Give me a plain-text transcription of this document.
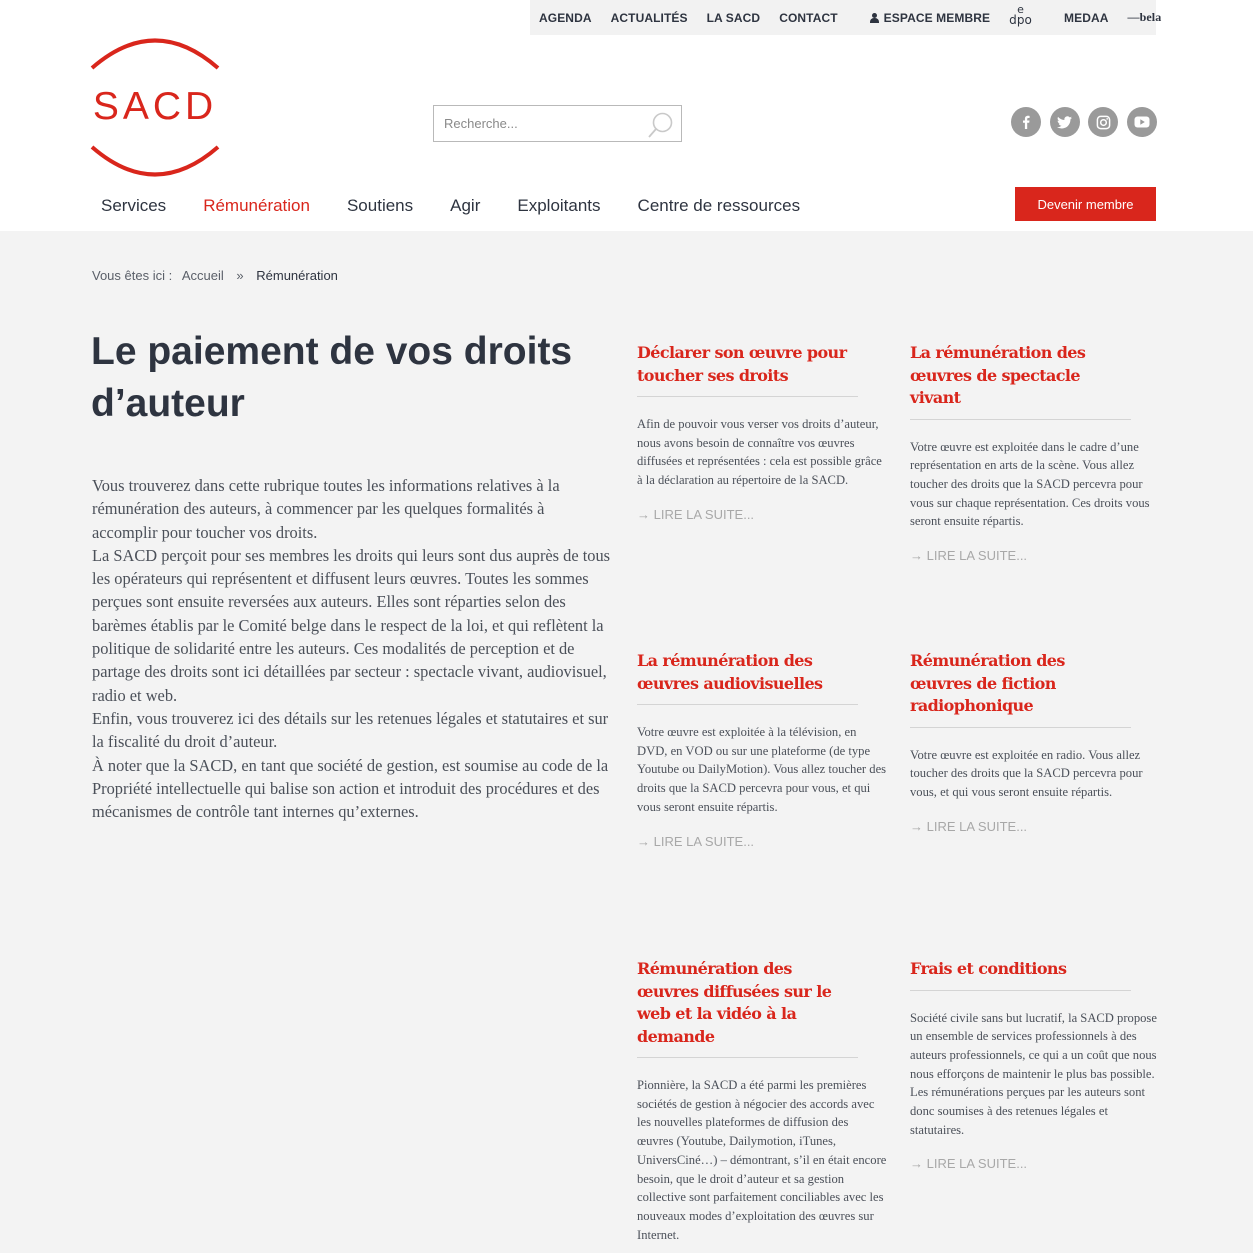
AGENDA ACTUALITÉS LA SACD CONTACT	ESPACE MEMBRE
e
dpo	MEDAA —bela
SACD
Recherche...
Services Rémunération Soutiens Agir Exploitants Centre de ressources	Devenir membre
Vous êtes ici : Accueil » Rémunération
Le paiement de vos droits d’auteur

Vous trouverez dans cette rubrique toutes les informations relatives à la rémunération des auteurs, à commencer par les quelques formalités à accomplir pour toucher vos droits.

La SACD perçoit pour ses membres les droits qui leurs sont dus auprès de tous les opérateurs qui représentent et diffusent leurs œuvres. Toutes les sommes perçues sont ensuite reversées aux auteurs. Elles sont réparties selon des barèmes établis par le Comité belge dans le respect de la loi, et qui reflètent la politique de solidarité entre les auteurs. Ces modalités de perception et de partage des droits sont ici détaillées par secteur : spectacle vivant, audiovisuel, radio et web.

Enfin, vous trouverez ici des détails sur les retenues légales et statutaires et sur la fiscalité du droit d’auteur.

À noter que la SACD, en tant que société de gestion, est soumise au code de la Propriété intellectuelle qui balise son action et introduit des procédures et des mécanismes de contrôle tant internes qu’externes.

Déclarer son œuvre pour toucher ses droits

Afin de pouvoir vous verser vos droits d’auteur, nous avons besoin de connaître vos œuvres diffusées et représentées : cela est possible grâce à la déclaration au répertoire de la SACD.

→ LIRE LA SUITE...
La rémunération des œuvres de spectacle vivant

Votre œuvre est exploitée dans le cadre d’une représentation en arts de la scène. Vous allez toucher des droits que la SACD percevra pour vous sur chaque représentation. Ces droits vous seront ensuite répartis.

→ LIRE LA SUITE...
La rémunération des œuvres audiovisuelles

Votre œuvre est exploitée à la télévision, en DVD, en VOD ou sur une plateforme (de type Youtube ou DailyMotion). Vous allez toucher des droits que la SACD percevra pour vous, et qui vous seront ensuite répartis.

→ LIRE LA SUITE...
Rémunération des œuvres de fiction radiophonique

Votre œuvre est exploitée en radio. Vous allez toucher des droits que la SACD percevra pour vous, et qui vous seront ensuite répartis.

→ LIRE LA SUITE...
Rémunération des œuvres diffusées sur le web et la vidéo à la demande

Pionnière, la SACD a été parmi les premières sociétés de gestion à négocier des accords avec les nouvelles plateformes de diffusion des œuvres (Youtube, Dailymotion, iTunes, UniversCiné…) – démontrant, s’il en était encore besoin, que le droit d’auteur et sa gestion collective sont parfaitement conciliables avec les nouveaux modes d’exploitation des œuvres sur Internet.

Frais et conditions

Société civile sans but lucratif, la SACD propose un ensemble de services professionnels à des auteurs professionnels, ce qui a un coût que nous nous efforçons de maintenir le plus bas possible. Les rémunérations perçues par les auteurs sont donc soumises à des retenues légales et statutaires.

→ LIRE LA SUITE...
